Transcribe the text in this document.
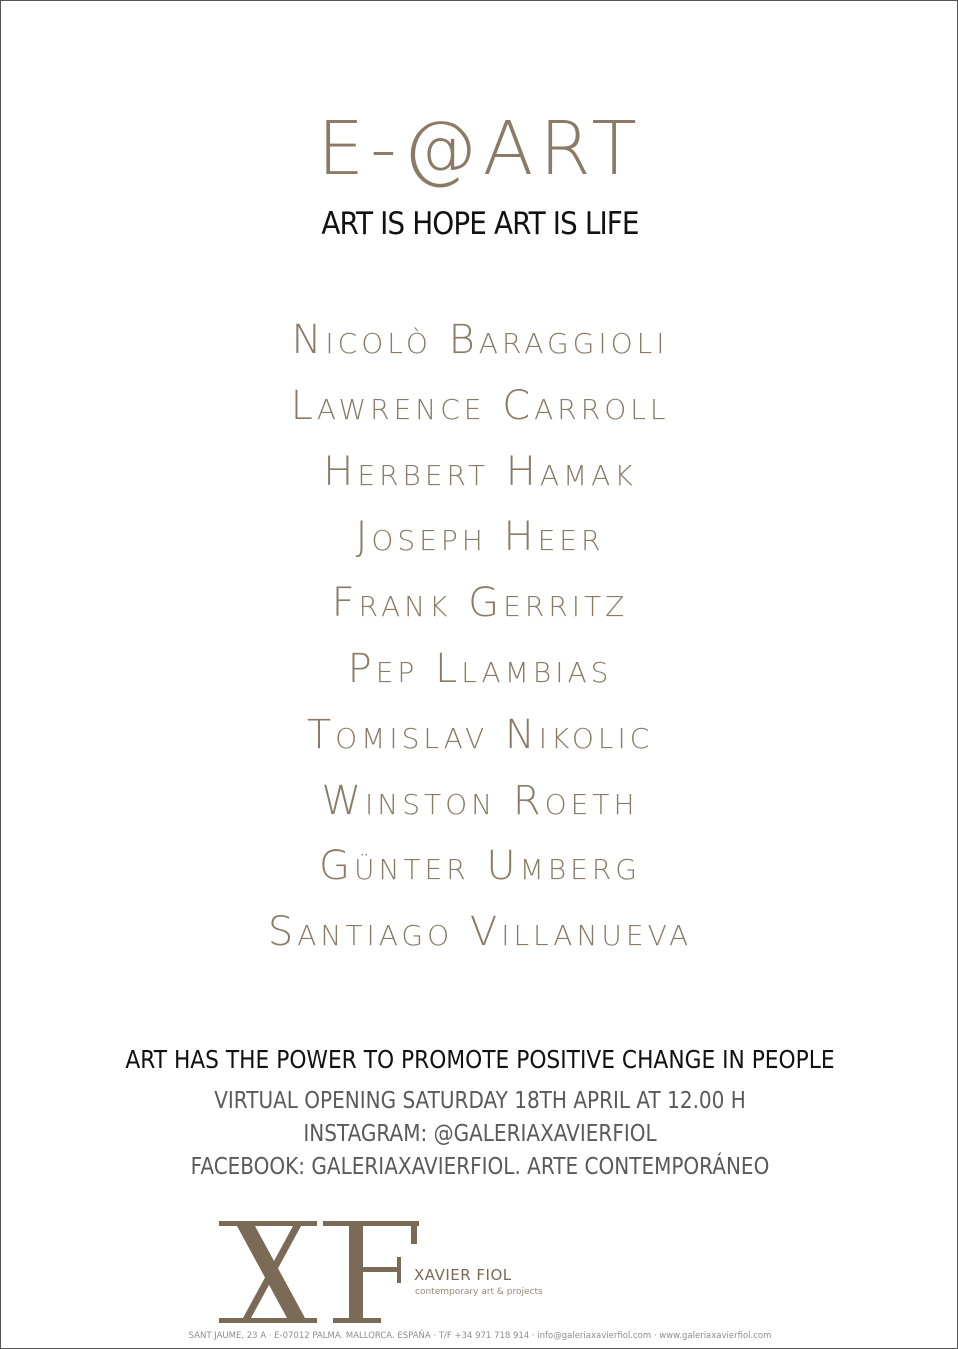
E-@ART
ART IS HOPE ART IS LIFE
Nicolò Baraggioli
Lawrence Carroll
Herbert Hamak
Joseph Heer
Frank Gerritz
Pep Llambias
Tomislav Nikolic
Winston Roeth
Günter Umberg
Santiago Villanueva
ART HAS THE POWER TO PROMOTE POSITIVE CHANGE IN PEOPLE
VIRTUAL OPENING SATURDAY 18TH APRIL AT 12.00 H
INSTAGRAM: @GALERIAXAVIERFIOL
FACEBOOK: GALERIAXAVIERFIOL. ARTE CONTEMPORÁNEO
XAVIER FIOL
contemporary art & projects
SANT JAUME, 23 A · E-07012 PALMA. MALLORCA. ESPAÑA · T/F +34 971 718 914 · info@galeriaxavierfiol.com · www.galeriaxavierfiol.com
